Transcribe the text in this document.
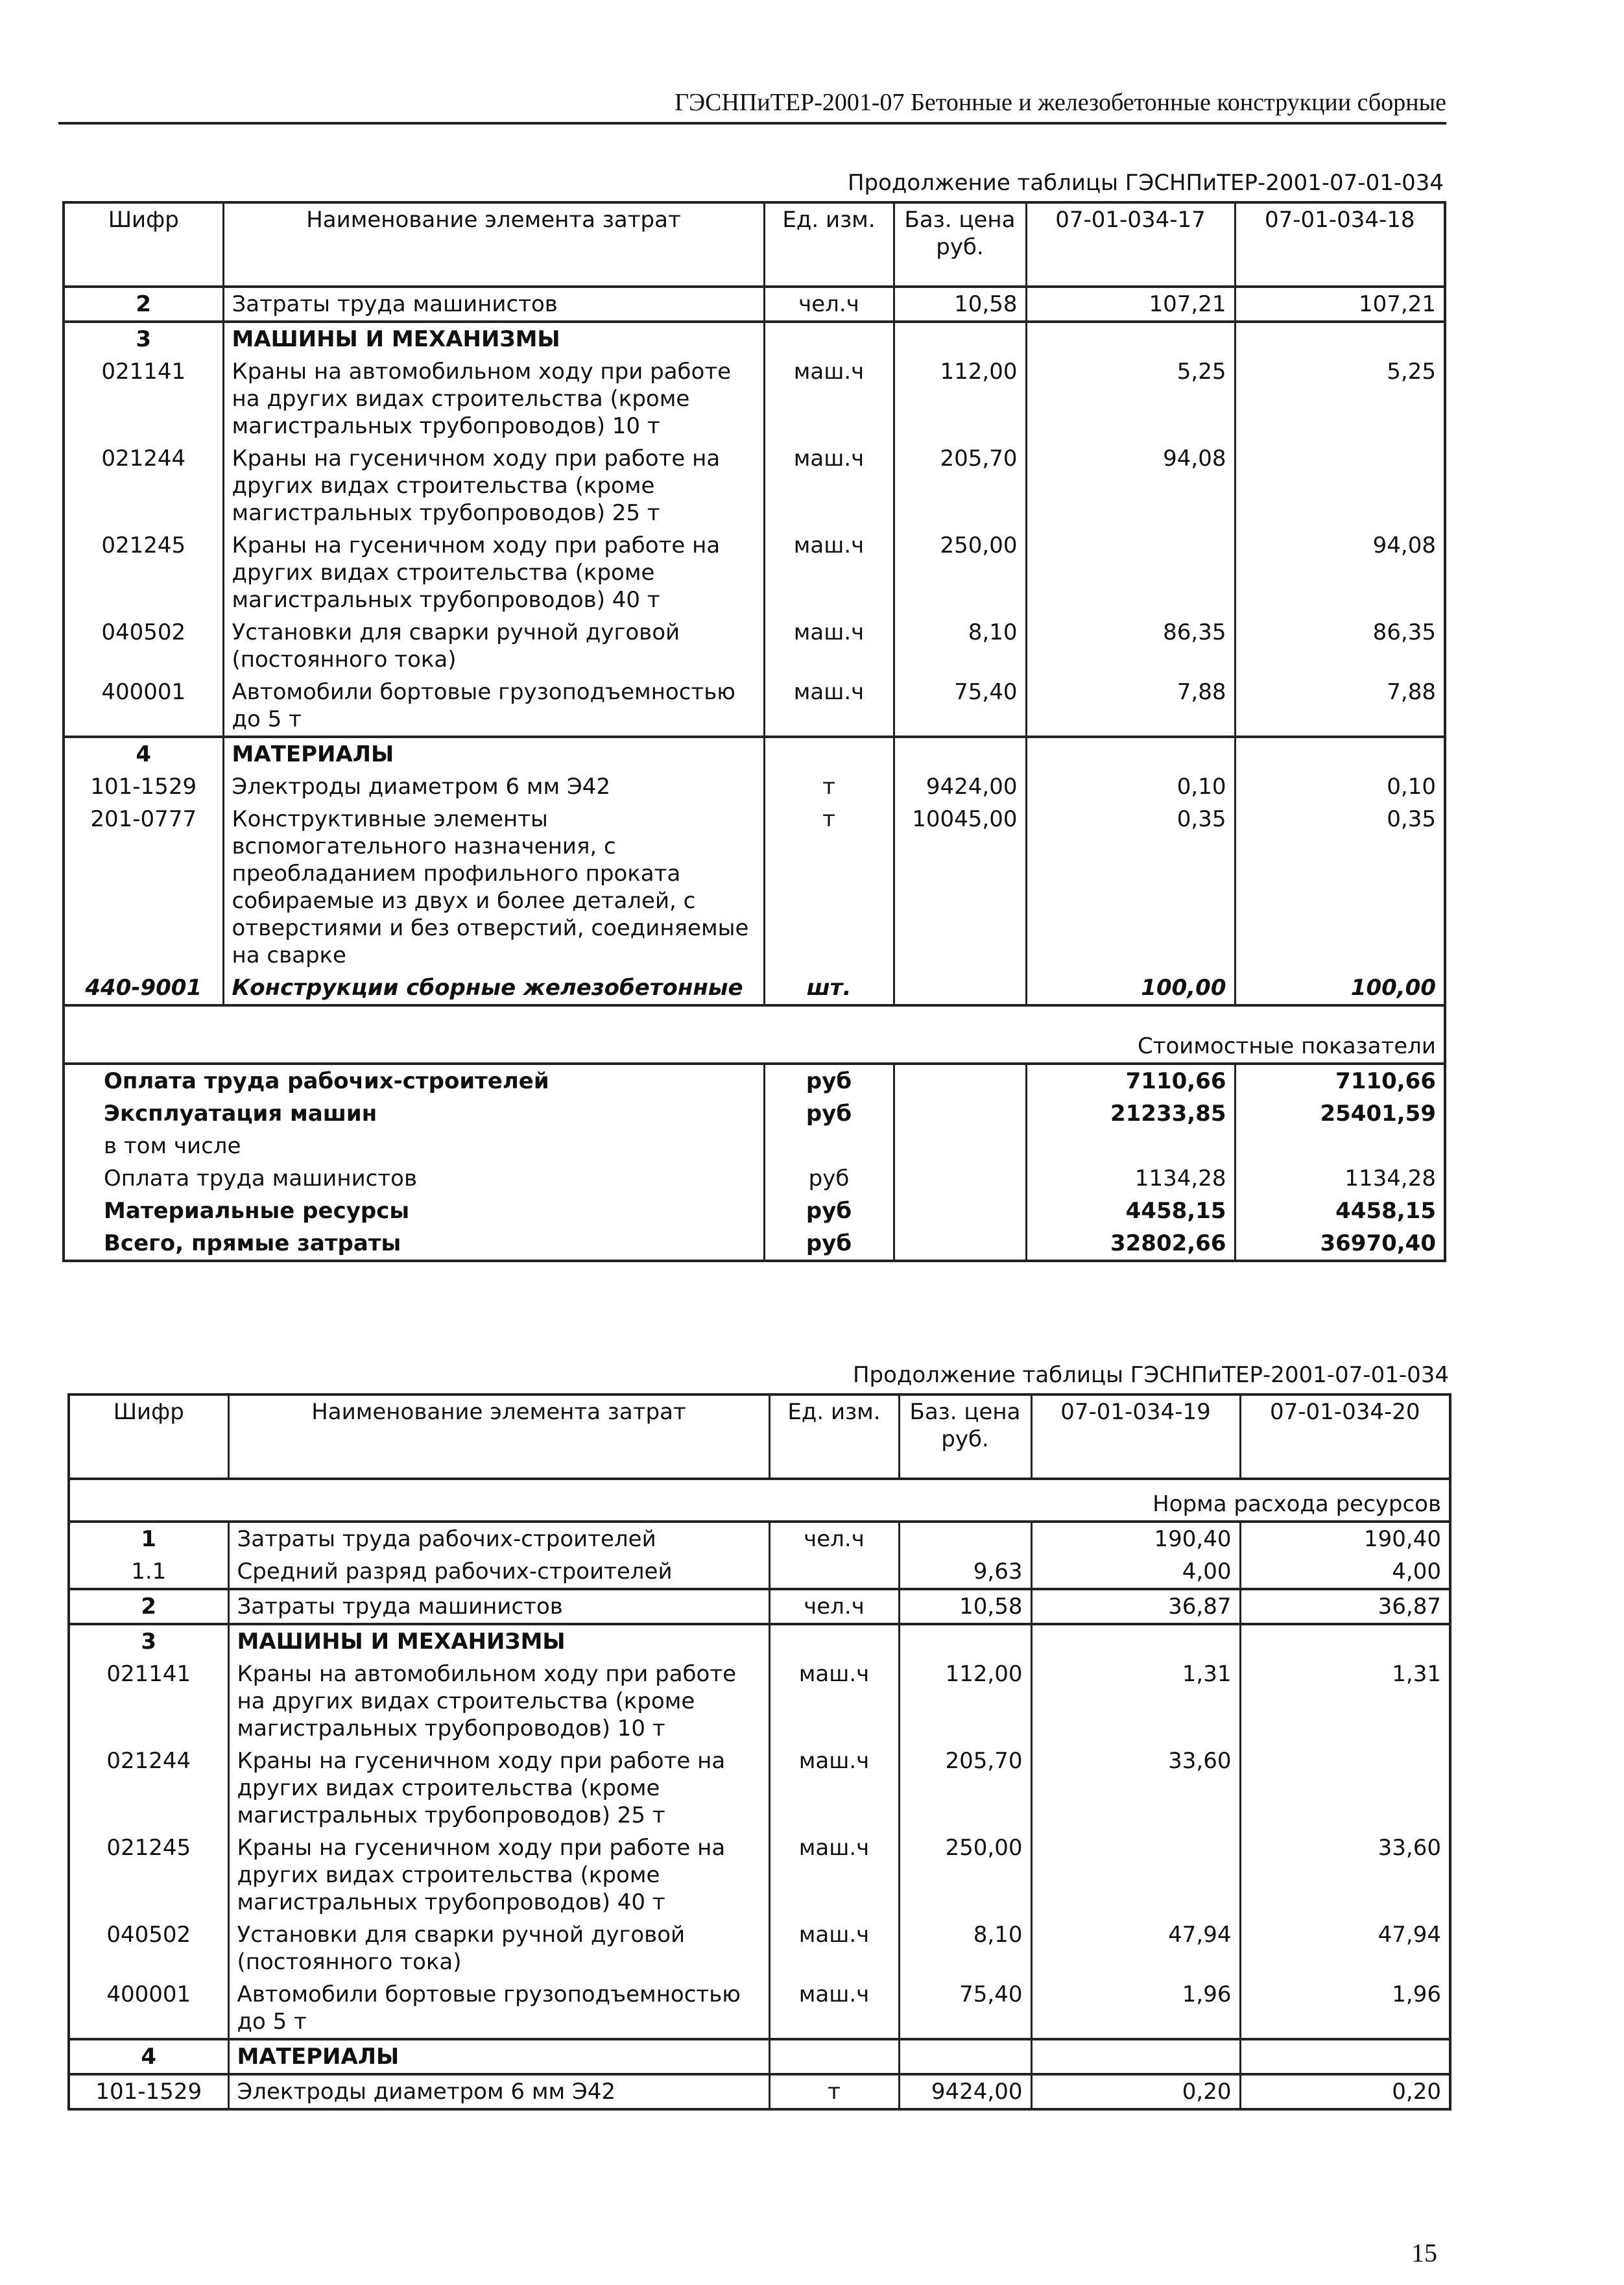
ГЭСНПиТЕР-2001-07 Бетонные и железобетонные конструкции сборные
Продолжение таблицы ГЭСНПиТЕР-2001-07-01-034
Шифр	Наименование элемента затрат	Ед. изм.	Баз. цена руб.	07-01-034-17	07-01-034-18
2	Затраты труда машинистов	чел.ч	10,58	107,21	107,21
3	МАШИНЫ И МЕХАНИЗМЫ				
021141	Краны на автомобильном ходу при работе на других видах строительства (кроме магистральных трубопроводов) 10 т	маш.ч	112,00	5,25	5,25
021244	Краны на гусеничном ходу при работе на других видах строительства (кроме магистральных трубопроводов) 25 т	маш.ч	205,70	94,08	
021245	Краны на гусеничном ходу при работе на других видах строительства (кроме магистральных трубопроводов) 40 т	маш.ч	250,00		94,08
040502	Установки для сварки ручной дуговой (постоянного тока)	маш.ч	8,10	86,35	86,35
400001	Автомобили бортовые грузоподъемностью до 5 т	маш.ч	75,40	7,88	7,88
4	МАТЕРИАЛЫ				
101-1529	Электроды диаметром 6 мм Э42	т	9424,00	0,10	0,10
201-0777	Конструктивные элементы вспомогательного назначения, с преобладанием профильного проката собираемые из двух и более деталей, с отверстиями и без отверстий, соединяемые на сварке	т	10045,00	0,35	0,35
440-9001	Конструкции сборные железобетонные	шт.		100,00	100,00
Стоимостные показатели					
Оплата труда рабочих-строителей		руб		7110,66	7110,66
Эксплуатация машин		руб		21233,85	25401,59
в том числе					
Оплата труда машинистов		руб		1134,28	1134,28
Материальные ресурсы		руб		4458,15	4458,15
Всего, прямые затраты		руб		32802,66	36970,40
Продолжение таблицы ГЭСНПиТЕР-2001-07-01-034
Шифр	Наименование элемента затрат	Ед. изм.	Баз. цена руб.	07-01-034-19	07-01-034-20
Норма расхода ресурсов					
1	Затраты труда рабочих-строителей	чел.ч		190,40	190,40
1.1	Средний разряд рабочих-строителей		9,63	4,00	4,00
2	Затраты труда машинистов	чел.ч	10,58	36,87	36,87
3	МАШИНЫ И МЕХАНИЗМЫ				
021141	Краны на автомобильном ходу при работе на других видах строительства (кроме магистральных трубопроводов) 10 т	маш.ч	112,00	1,31	1,31
021244	Краны на гусеничном ходу при работе на других видах строительства (кроме магистральных трубопроводов) 25 т	маш.ч	205,70	33,60	
021245	Краны на гусеничном ходу при работе на других видах строительства (кроме магистральных трубопроводов) 40 т	маш.ч	250,00		33,60
040502	Установки для сварки ручной дуговой (постоянного тока)	маш.ч	8,10	47,94	47,94
400001	Автомобили бортовые грузоподъемностью до 5 т	маш.ч	75,40	1,96	1,96
4	МАТЕРИАЛЫ				
101-1529	Электроды диаметром 6 мм Э42	т	9424,00	0,20	0,20
15
